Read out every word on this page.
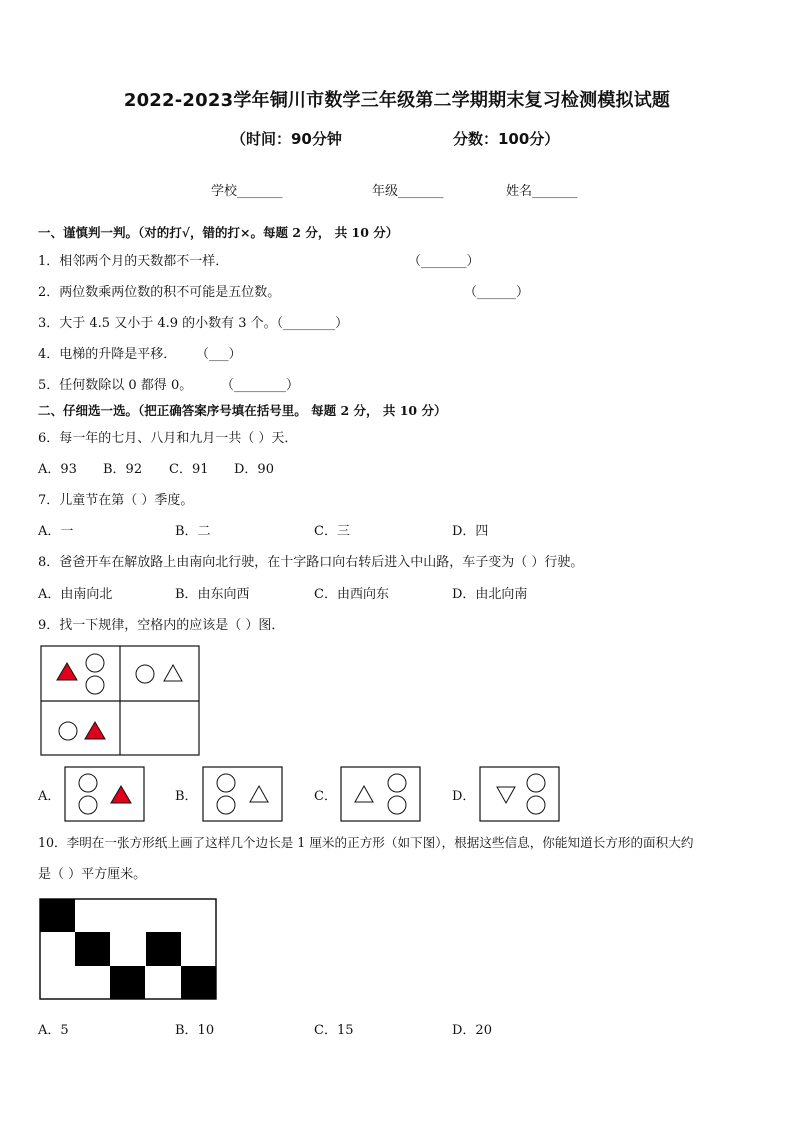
2022-2023学年铜川市数学三年级第二学期期末复习检测模拟试题
（时间：90分钟	分数：100分）
学校_______	年级_______	姓名_______
一、谨慎判一判。（对的打√，错的打×。每题 2 分， 共 10 分）
1．相邻两个月的天数都不一样．	（_______）
2．两位数乘两位数的积不可能是五位数。	（______）
3．大于 4.5 又小于 4.9 的小数有 3 个。（________）
4．电梯的升降是平移． （___）
5．任何数除以 0 都得 0。 （________）
二、仔细选一选。（把正确答案序号填在括号里。 每题 2 分， 共 10 分）
6．每一年的七月、八月和九月一共（ ）天．
A．93 B．92 C．91 D．90
7．儿童节在第（ ）季度。
A．一	B．二	C．三	D．四
8．爸爸开车在解放路上由南向北行驶，在十字路口向右转后进入中山路，车子变为（ ）行驶。
A．由南向北	B．由东向西	C．由西向东	D．由北向南
9．找一下规律，空格内的应该是（ ）图．
A．	B．	C．	D．
10．李明在一张方形纸上画了这样几个边长是 1 厘米的正方形（如下图），根据这些信息，你能知道长方形的面积大约
是（ ）平方厘米。
A．5	B．10	C．15	D．20
